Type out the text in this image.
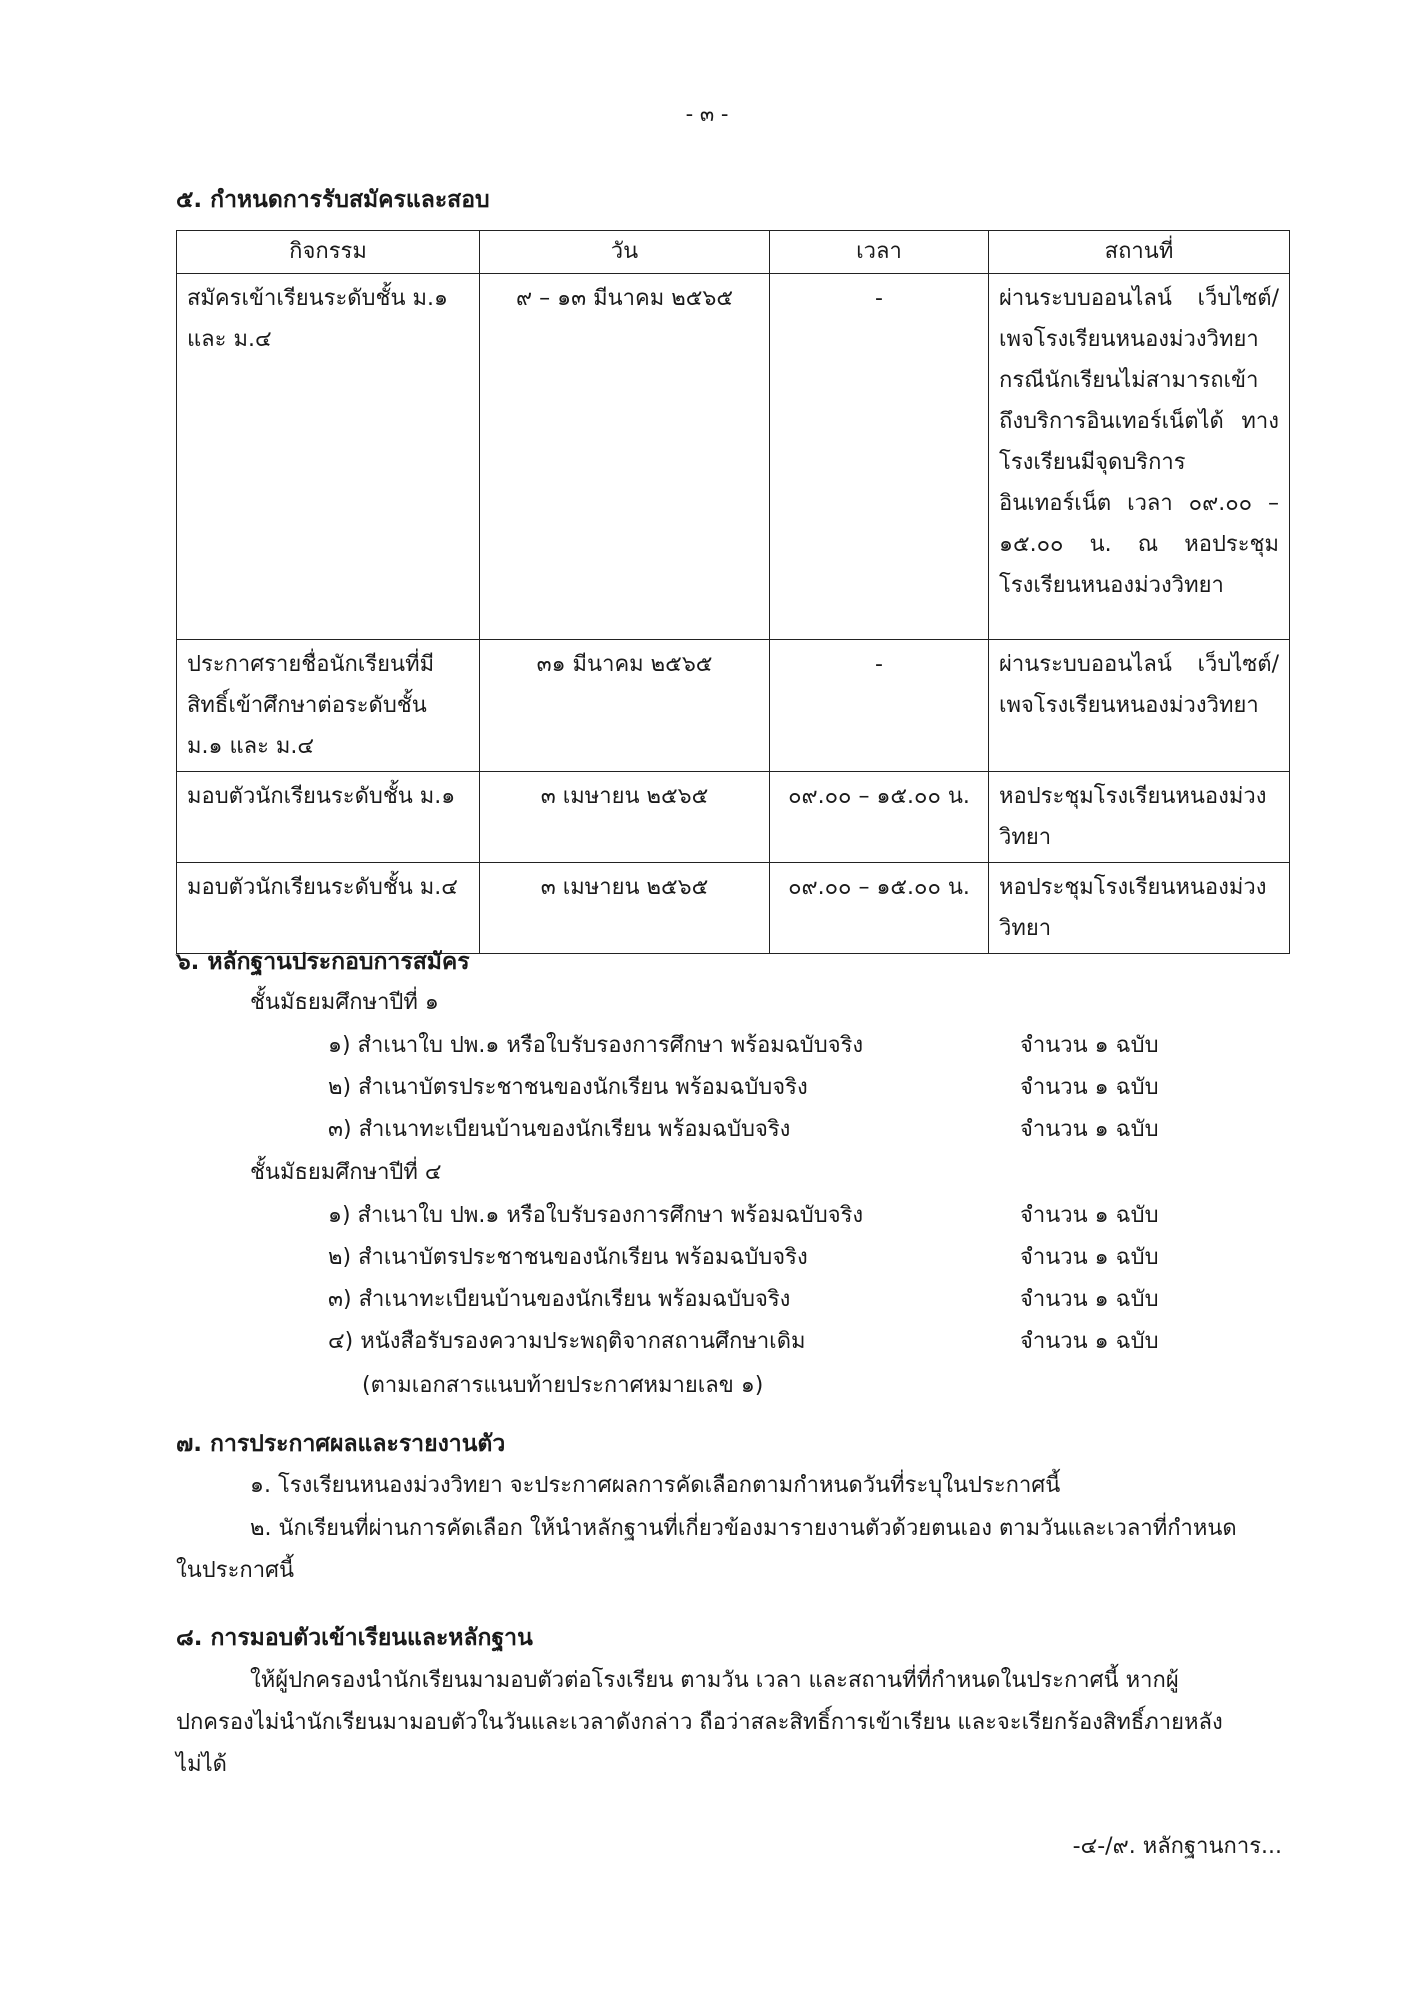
- ๓ -
๕. กำหนดการรับสมัครและสอบ
กิจกรรม	วัน	เวลา	สถานที่
สมัครเข้าเรียนระดับชั้น ม.๑ และ ม.๔	๙ – ๑๓ มีนาคม ๒๕๖๕	-	ผ่านระบบออนไลน์ เว็บไซต์/เพจโรงเรียนหนองม่วงวิทยา กรณีนักเรียนไม่สามารถเข้าถึงบริการอินเทอร์เน็ตได้ ทางโรงเรียนมีจุดบริการอินเทอร์เน็ต เวลา ๐๙.๐๐ – ๑๕.๐๐ น. ณ หอประชุมโรงเรียนหนองม่วงวิทยา
ประกาศรายชื่อนักเรียนที่มีสิทธิ์เข้าศึกษาต่อระดับชั้น ม.๑ และ ม.๔	๓๑ มีนาคม ๒๕๖๕	-	ผ่านระบบออนไลน์ เว็บไซต์/เพจโรงเรียนหนองม่วงวิทยา
มอบตัวนักเรียนระดับชั้น ม.๑	๓ เมษายน ๒๕๖๕	๐๙.๐๐ – ๑๕.๐๐ น.	หอประชุมโรงเรียนหนองม่วงวิทยา
มอบตัวนักเรียนระดับชั้น ม.๔	๓ เมษายน ๒๕๖๕	๐๙.๐๐ – ๑๕.๐๐ น.	หอประชุมโรงเรียนหนองม่วงวิทยา
๖. หลักฐานประกอบการสมัคร
ชั้นมัธยมศึกษาปีที่ ๑
๑) สำเนาใบ ปพ.๑ หรือใบรับรองการศึกษา พร้อมฉบับจริง	จำนวน ๑ ฉบับ
๒) สำเนาบัตรประชาชนของนักเรียน พร้อมฉบับจริง	จำนวน ๑ ฉบับ
๓) สำเนาทะเบียนบ้านของนักเรียน พร้อมฉบับจริง	จำนวน ๑ ฉบับ
ชั้นมัธยมศึกษาปีที่ ๔
๑) สำเนาใบ ปพ.๑ หรือใบรับรองการศึกษา พร้อมฉบับจริง	จำนวน ๑ ฉบับ
๒) สำเนาบัตรประชาชนของนักเรียน พร้อมฉบับจริง	จำนวน ๑ ฉบับ
๓) สำเนาทะเบียนบ้านของนักเรียน พร้อมฉบับจริง	จำนวน ๑ ฉบับ
๔) หนังสือรับรองความประพฤติจากสถานศึกษาเดิม	จำนวน ๑ ฉบับ
(ตามเอกสารแนบท้ายประกาศหมายเลข ๑)
๗. การประกาศผลและรายงานตัว
๑. โรงเรียนหนองม่วงวิทยา จะประกาศผลการคัดเลือกตามกำหนดวันที่ระบุในประกาศนี้
๒. นักเรียนที่ผ่านการคัดเลือก ให้นำหลักฐานที่เกี่ยวข้องมารายงานตัวด้วยตนเอง ตามวันและเวลาที่กำหนดในประกาศนี้
๘. การมอบตัวเข้าเรียนและหลักฐาน
ให้ผู้ปกครองนำนักเรียนมามอบตัวต่อโรงเรียน ตามวัน เวลา และสถานที่ที่กำหนดในประกาศนี้ หากผู้ปกครองไม่นำนักเรียนมามอบตัวในวันและเวลาดังกล่าว ถือว่าสละสิทธิ์การเข้าเรียน และจะเรียกร้องสิทธิ์ภายหลังไม่ได้
-๔-/๙. หลักฐานการ...
